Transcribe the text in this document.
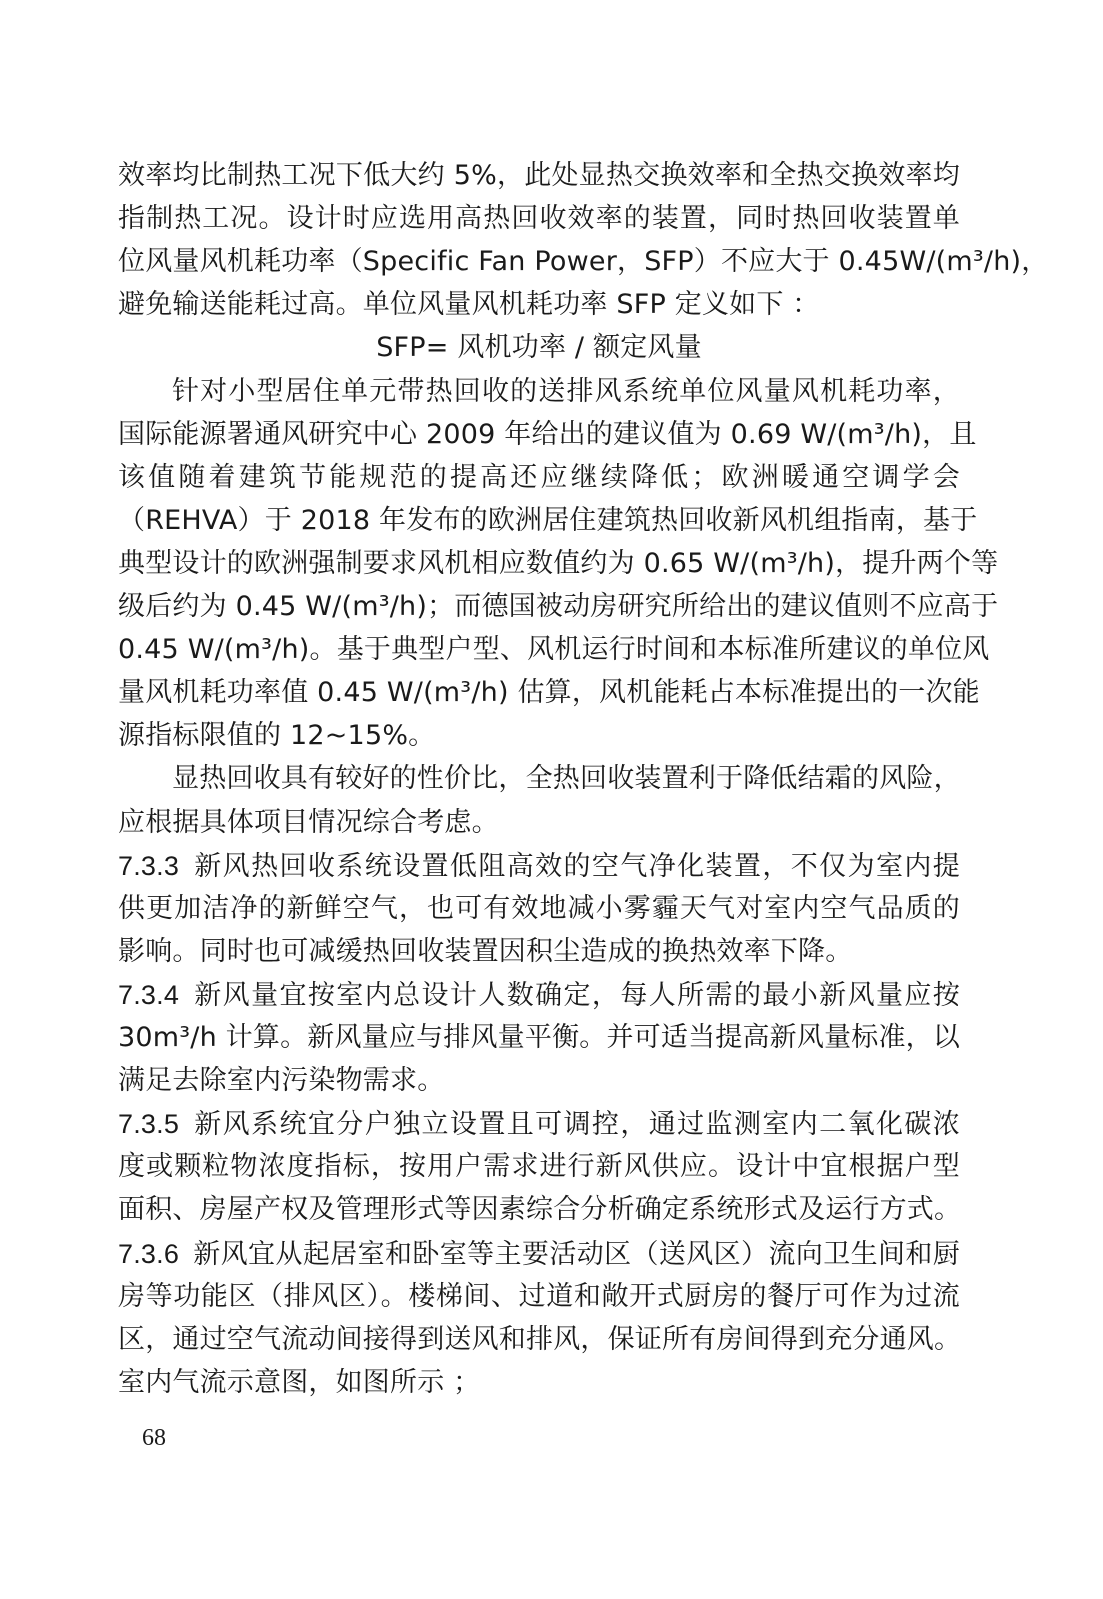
效率均比制热工况下低大约 5%，此处显热交换效率和全热交换效率均
指制热工况。设计时应选用高热回收效率的装置，同时热回收装置单
位风量风机耗功率（Specific Fan Power，SFP）不应大于 0.45W/(m³/h)，
避免输送能耗过高。单位风量风机耗功率 SFP 定义如下 ：
SFP= 风机功率 / 额定风量
针对小型居住单元带热回收的送排风系统单位风量风机耗功率，
国际能源署通风研究中心 2009 年给出的建议值为 0.69 W/(m³/h)，且
该值随着建筑节能规范的提高还应继续降低；欧洲暖通空调学会
（REHVA）于 2018 年发布的欧洲居住建筑热回收新风机组指南，基于
典型设计的欧洲强制要求风机相应数值约为 0.65 W/(m³/h)，提升两个等
级后约为 0.45 W/(m³/h)；而德国被动房研究所给出的建议值则不应高于
0.45 W/(m³/h)。基于典型户型、风机运行时间和本标准所建议的单位风
量风机耗功率值 0.45 W/(m³/h) 估算，风机能耗占本标准提出的一次能
源指标限值的 12~15%。
显热回收具有较好的性价比，全热回收装置利于降低结霜的风险，
应根据具体项目情况综合考虑。
7.3.3 新风热回收系统设置低阻高效的空气净化装置，不仅为室内提
供更加洁净的新鲜空气，也可有效地减小雾霾天气对室内空气品质的
影响。同时也可减缓热回收装置因积尘造成的换热效率下降。
7.3.4 新风量宜按室内总设计人数确定，每人所需的最小新风量应按
30m³/h 计算。新风量应与排风量平衡。并可适当提高新风量标准，以
满足去除室内污染物需求。
7.3.5 新风系统宜分户独立设置且可调控，通过监测室内二氧化碳浓
度或颗粒物浓度指标，按用户需求进行新风供应。设计中宜根据户型
面积、房屋产权及管理形式等因素综合分析确定系统形式及运行方式。
7.3.6 新风宜从起居室和卧室等主要活动区（送风区）流向卫生间和厨
房等功能区（排风区）。楼梯间、过道和敞开式厨房的餐厅可作为过流
区，通过空气流动间接得到送风和排风，保证所有房间得到充分通风。
室内气流示意图，如图所示 ；
68
